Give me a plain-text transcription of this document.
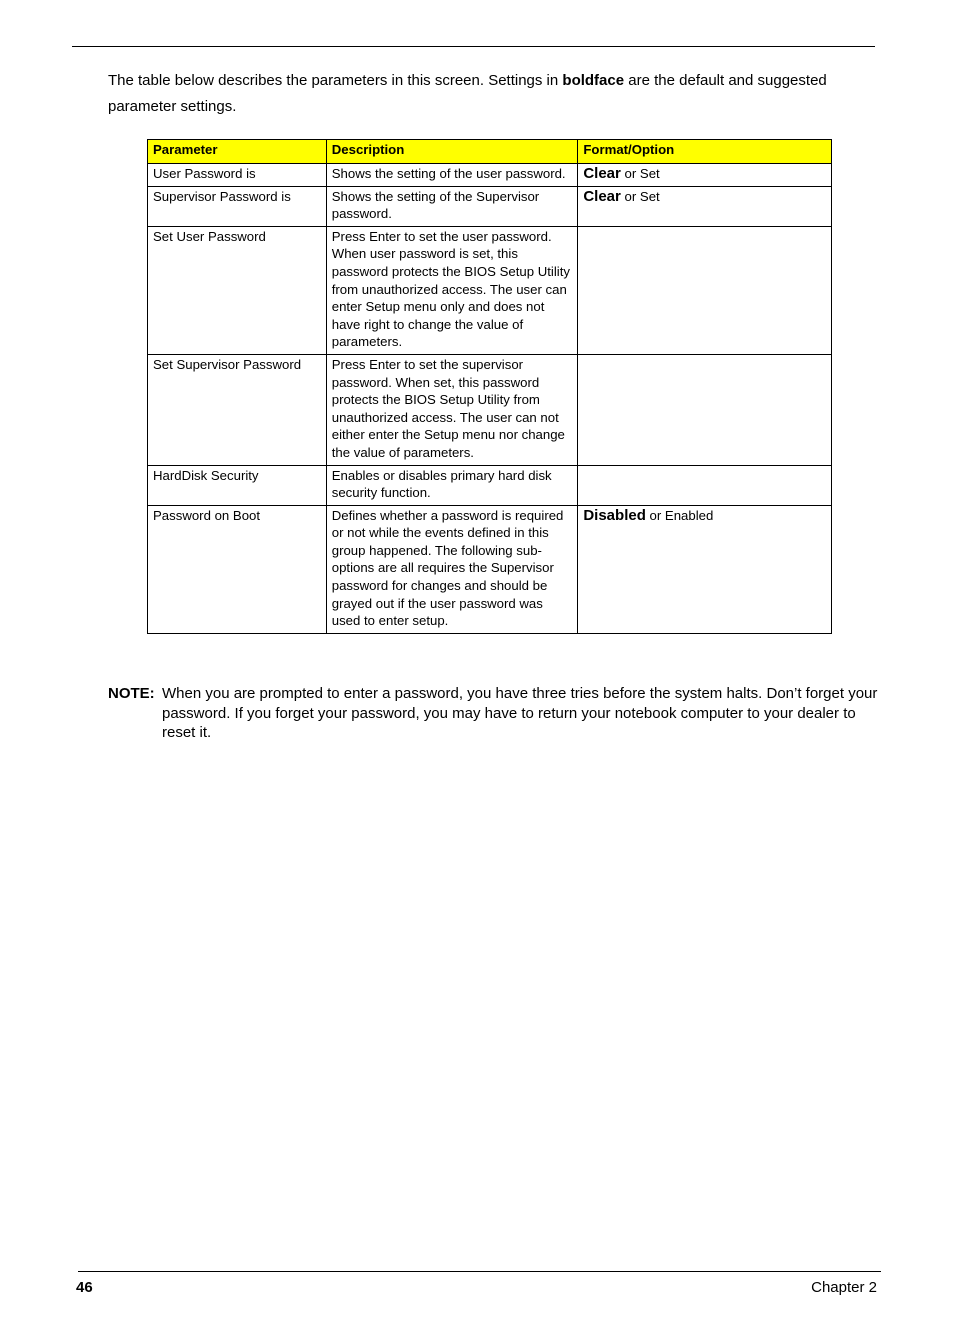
The table below describes the parameters in this screen. Settings in boldface are the default and suggested parameter settings.

Parameter	Description	Format/Option
User Password is	Shows the setting of the user password.	Clear or Set
Supervisor Password is	Shows the setting of the Supervisor password.	Clear or Set
Set User Password	Press Enter to set the user password. When user password is set, this password protects the BIOS Setup Utility from unauthorized access. The user can enter Setup menu only and does not have right to change the value of parameters.	
Set Supervisor Password	Press Enter to set the supervisor password. When set, this password protects the BIOS Setup Utility from unauthorized access. The user can not either enter the Setup menu nor change the value of parameters.	
HardDisk Security	Enables or disables primary hard disk security function.	
Password on Boot	Defines whether a password is required or not while the events defined in this group happened. The following sub-options are all requires the Supervisor password for changes and should be grayed out if the user password was used to enter setup.	Disabled or Enabled
NOTE: When you are prompted to enter a password, you have three tries before the system halts. Don’t forget your password. If you forget your password, you may have to return your notebook computer to your dealer to reset it.
46	Chapter 2
